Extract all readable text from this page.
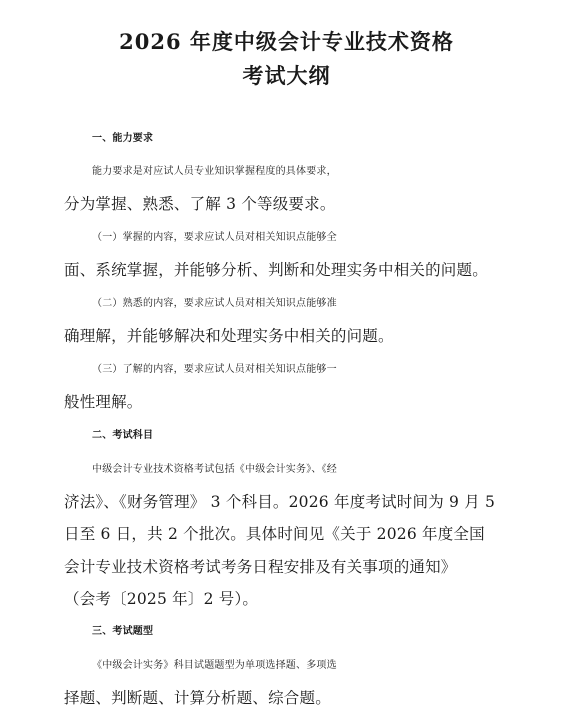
2026 年度中级会计专业技术资格
考试大纲
一、能力要求
能力要求是对应试人员专业知识掌握程度的具体要求，
分为掌握、熟悉、了解 3 个等级要求。
（一）掌握的内容，要求应试人员对相关知识点能够全
面、系统掌握，并能够分析、判断和处理实务中相关的问题。
（二）熟悉的内容，要求应试人员对相关知识点能够准
确理解，并能够解决和处理实务中相关的问题。
（三）了解的内容，要求应试人员对相关知识点能够一
般性理解。
二、考试科目
中级会计专业技术资格考试包括《中级会计实务》、《经
济法》、《财务管理》 3 个科目。2026 年度考试时间为 9 月 5
日至 6 日，共 2 个批次。具体时间见《关于 2026 年度全国
会计专业技术资格考试考务日程安排及有关事项的通知》
（会考〔2025 年〕2 号）。
三、考试题型
《中级会计实务》科目试题题型为单项选择题、多项选
择题、判断题、计算分析题、综合题。
